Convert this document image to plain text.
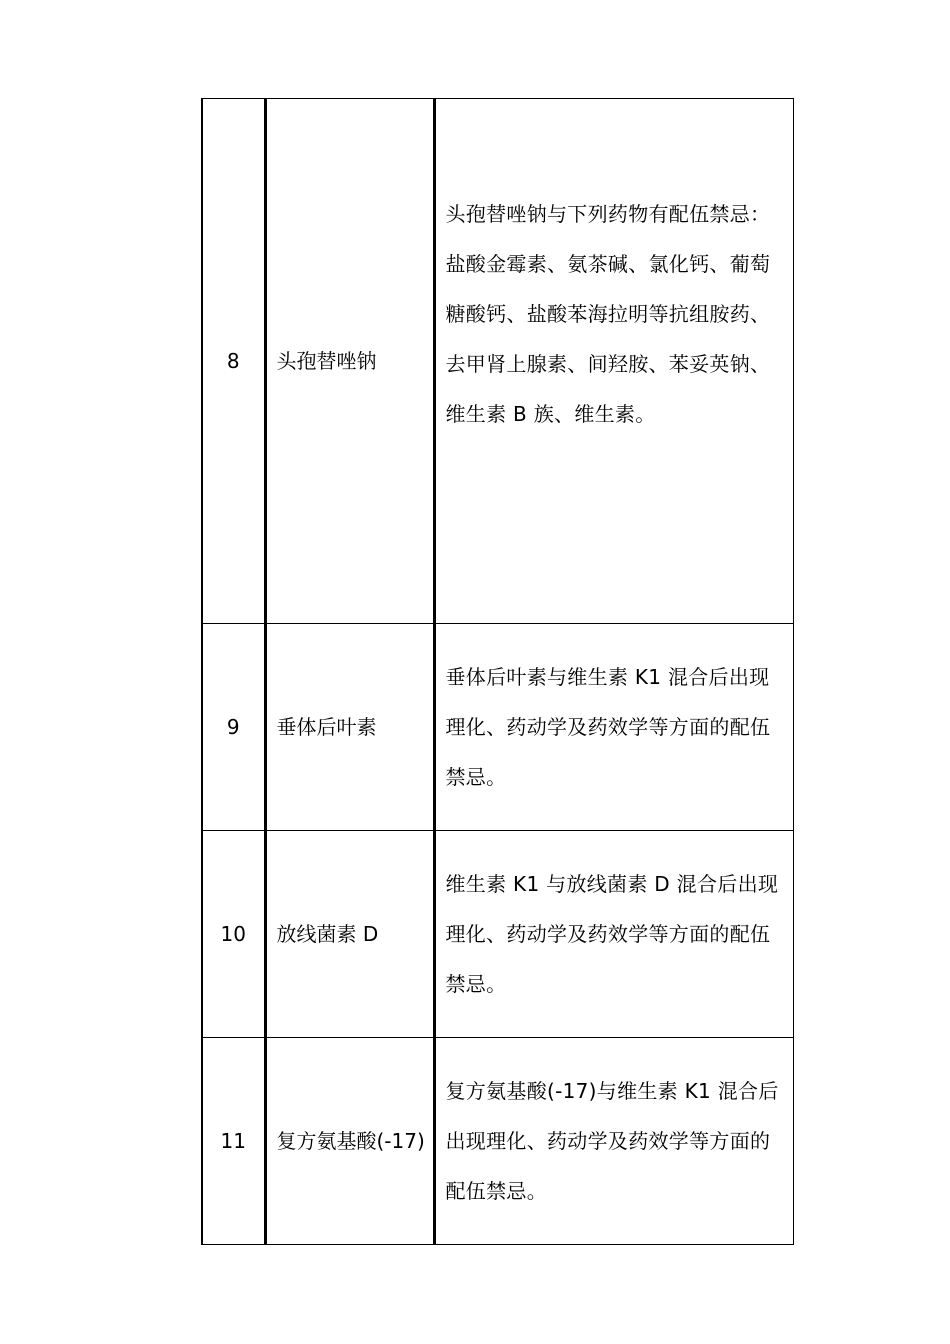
8	头孢替唑钠	头孢替唑钠与下列药物有配伍禁忌：盐酸金霉素、氨茶碱、氯化钙、葡萄糖酸钙、盐酸苯海拉明等抗组胺药、去甲肾上腺素、间羟胺、苯妥英钠、维生素 B 族、维生素。
9	垂体后叶素	垂体后叶素与维生素 K1 混合后出现理化、药动学及药效学等方面的配伍禁忌。
10	放线菌素 D	维生素 K1 与放线菌素 D 混合后出现理化、药动学及药效学等方面的配伍禁忌。
11	复方氨基酸(-17)	复方氨基酸(-17)与维生素 K1 混合后出现理化、药动学及药效学等方面的配伍禁忌。
